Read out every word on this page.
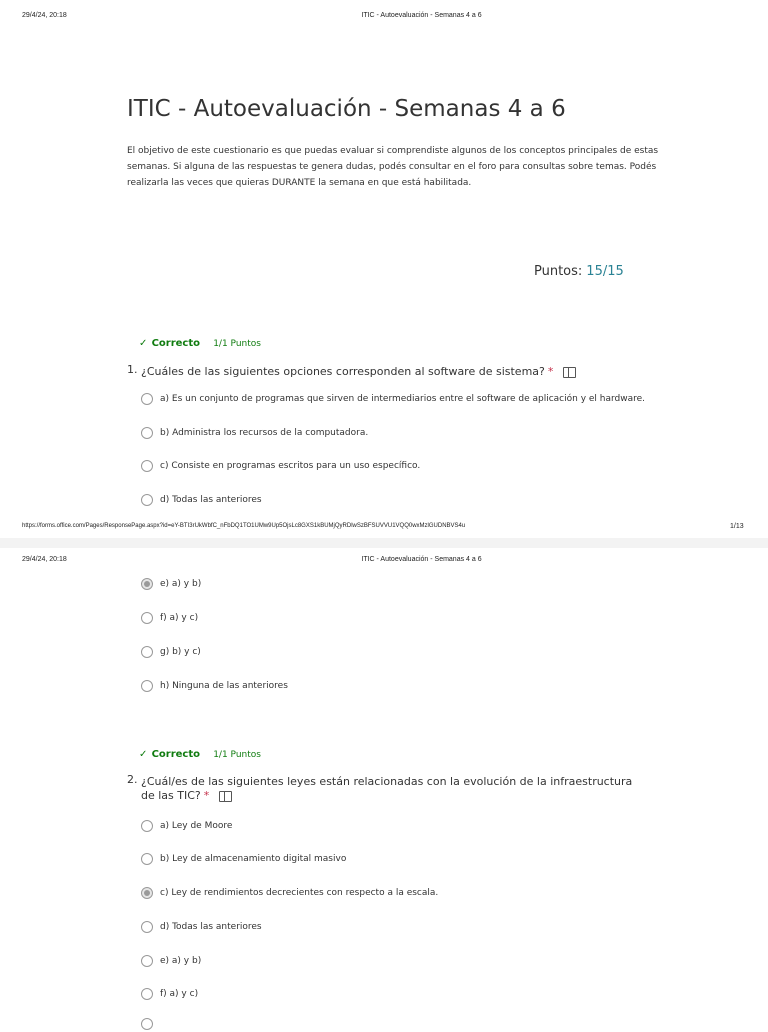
29/4/24, 20:18	ITIC - Autoevaluación - Semanas 4 a 6
ITIC - Autoevaluación - Semanas 4 a 6

El objetivo de este cuestionario es que puedas evaluar si comprendiste algunos de los conceptos principales de estas semanas. Si alguna de las respuestas te genera dudas, podés consultar en el foro para consultas sobre temas. Podés realizarla las veces que quieras DURANTE la semana en que está habilitada.

Puntos: 15/15
✓ Correcto 1/1 Puntos
1. ¿Cuáles de las siguientes opciones corresponden al software de sistema? *
a) Es un conjunto de programas que sirven de intermediarios entre el software de aplicación y el hardware.
b) Administra los recursos de la computadora.
c) Consiste en programas escritos para un uso específico.
d) Todas las anteriores
https://forms.office.com/Pages/ResponsePage.aspx?id=eY-BTI3rUkWbfC_nFbDQ1TO1UMw9Up5OjsLc8GXS1kBUMjQyRDlwSzBFSUVVU1VQQ0wxMzlGUDNBVS4u	1/13
29/4/24, 20:18	ITIC - Autoevaluación - Semanas 4 a 6
e) a) y b)
f) a) y c)
g) b) y c)
h) Ninguna de las anteriores
✓ Correcto 1/1 Puntos
2. ¿Cuál/es de las siguientes leyes están relacionadas con la evolución de la infraestructura de las TIC? *
a) Ley de Moore
b) Ley de almacenamiento digital masivo
c) Ley de rendimientos decrecientes con respecto a la escala.
d) Todas las anteriores
e) a) y b)
f) a) y c)
